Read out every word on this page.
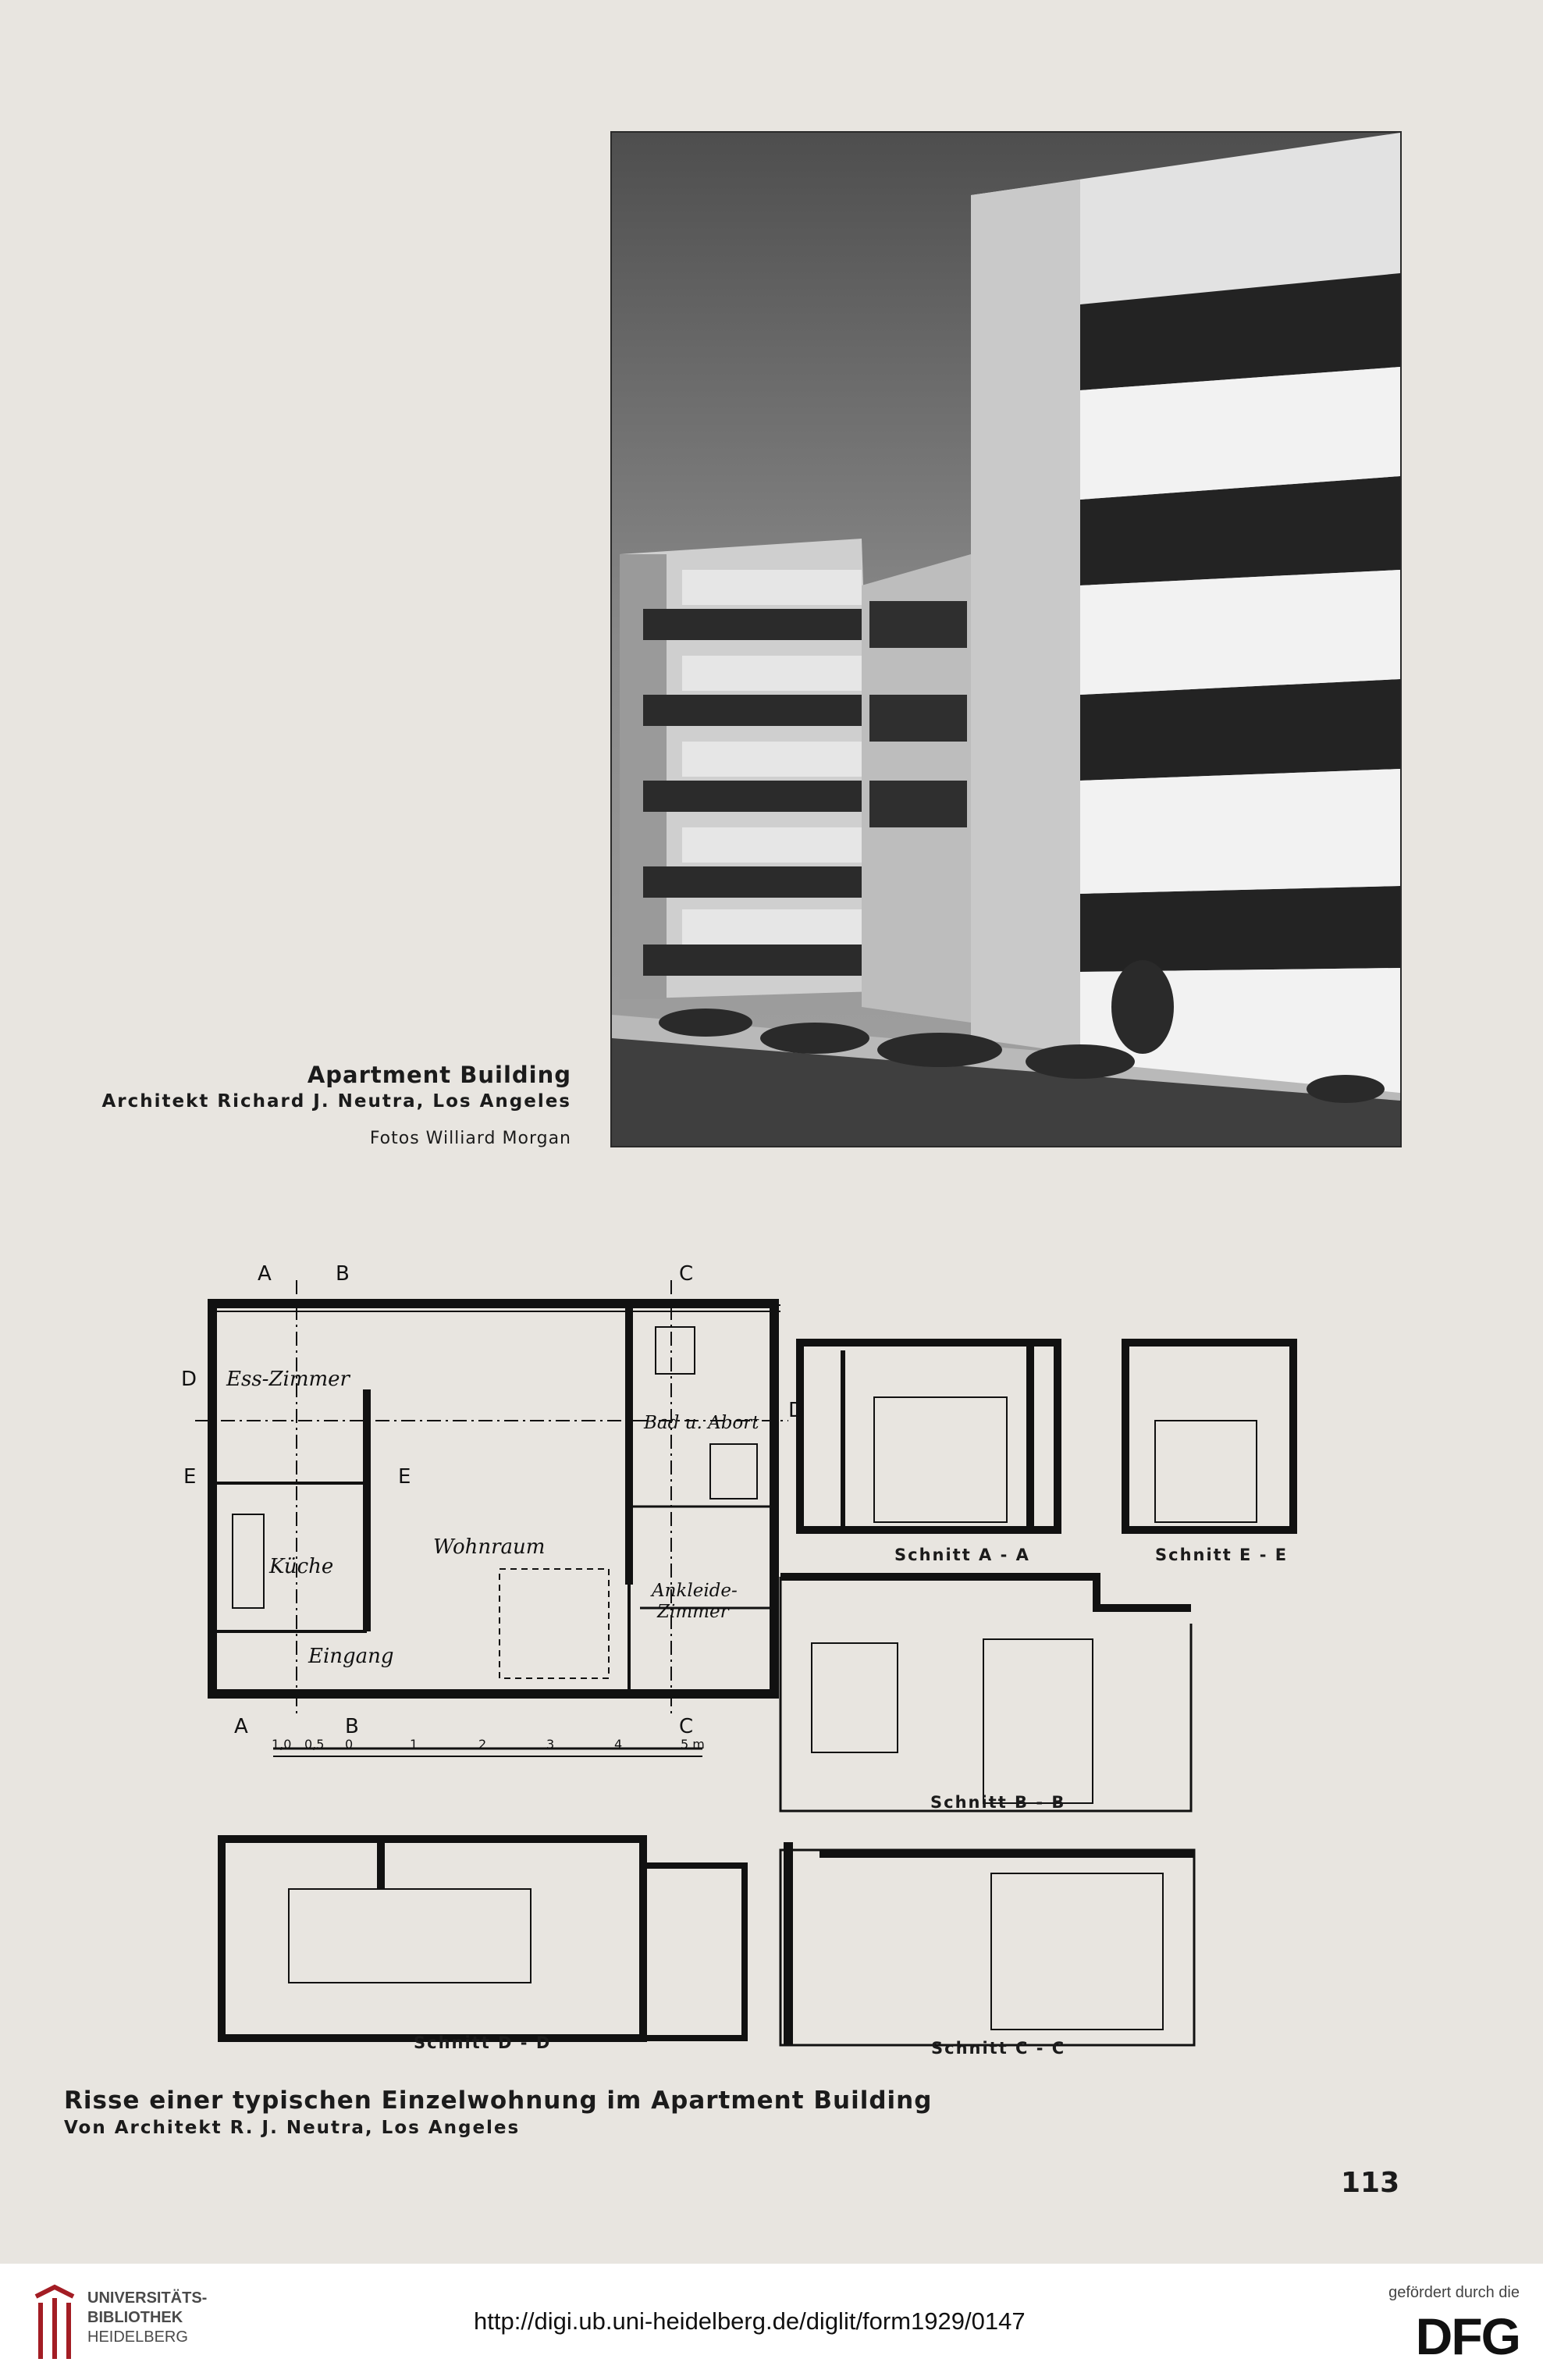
Apartment Building
Architekt Richard J. Neutra, Los Angeles
Fotos Williard Morgan
Ess-Zimmer
Wohnraum
Küche
Eingang
Bad u. Abort
Ankleide-
Zimmer
A	B	C
D
D
E	E
A	B	C
1,0 0,5 0	1	2	3	4	5 m
Schnitt A - A	Schnitt E - E
Schnitt B - B
Schnitt D - D	Schnitt C - C
Risse einer typischen Einzelwohnung im Apartment Building
Von Architekt R. J. Neutra, Los Angeles
113
UNIVERSITÄTS-
BIBLIOTHEK
HEIDELBERG
http://digi.ub.uni-heidelberg.de/diglit/form1929/0147
gefördert durch die
DFG
